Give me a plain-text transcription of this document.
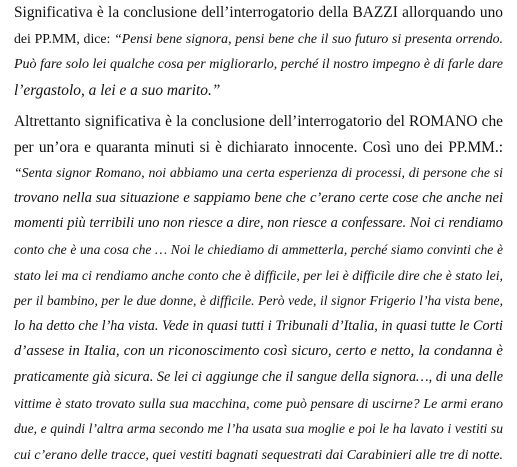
Significativa è la conclusione dell’interrogatorio della BAZZI allorquando uno
dei PP.MM, dice: “Pensi bene signora, pensi bene che il suo futuro si presenta orrendo.
Può fare solo lei qualche cosa per migliorarlo, perché il nostro impegno è di farle dare
l’ergastolo, a lei e a suo marito.”
Altrettanto significativa è la conclusione dell’interrogatorio del ROMANO che
per un’ora e quaranta minuti si è dichiarato innocente. Così uno dei PP.MM.:
“Senta signor Romano, noi abbiamo una certa esperienza di processi, di persone che si
trovano nella sua situazione e sappiamo bene che c’erano certe cose che anche nei
momenti più terribili uno non riesce a dire, non riesce a confessare. Noi ci rendiamo
conto che è una cosa che … Noi le chiediamo di ammetterla, perché siamo convinti che è
stato lei ma ci rendiamo anche conto che è difficile, per lei è difficile dire che è stato lei,
per il bambino, per le due donne, è difficile. Però vede, il signor Frigerio l’ha vista bene,
lo ha detto che l’ha vista. Vede in quasi tutti i Tribunali d’Italia, in quasi tutte le Corti
d’assese in Italia, con un riconoscimento così sicuro, certo e netto, la condanna è
praticamente già sicura. Se lei ci aggiunge che il sangue della signora…, di una delle
vittime è stato trovato sulla sua macchina, come può pensare di uscirne? Le armi erano
due, e quindi l’altra arma secondo me l’ha usata sua moglie e poi le ha lavato i vestiti su
cui c’erano delle tracce, quei vestiti bagnati sequestrati dai Carabinieri alle tre di notte.
